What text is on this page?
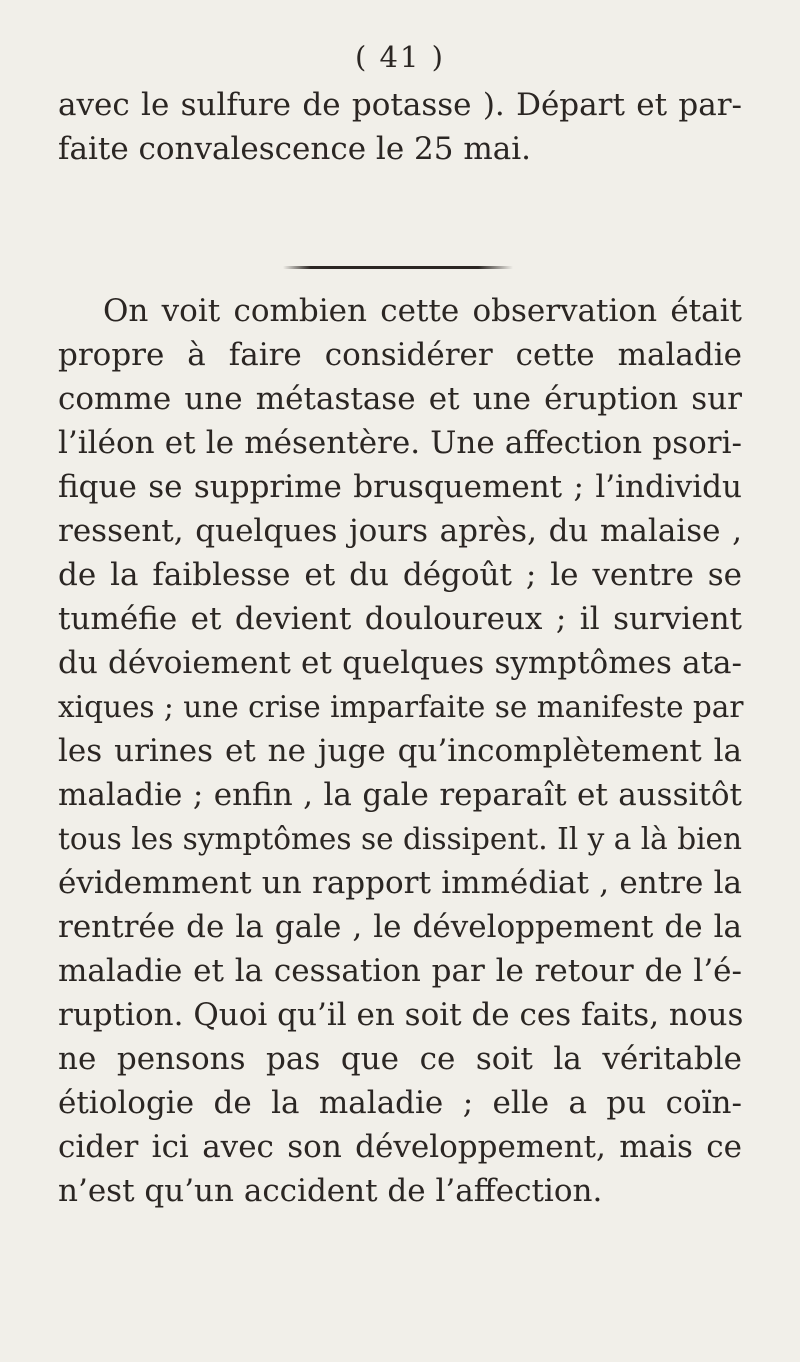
( 41 )
avec le sulfure de potasse ). Départ et par-
faite convalescence le 25 mai.
On voit combien cette observation était
propre à faire considérer cette maladie
comme une métastase et une éruption sur
l’iléon et le mésentère. Une affection psori-
fique se supprime brusquement ; l’individu
ressent, quelques jours après, du malaise ,
de la faiblesse et du dégoût ; le ventre se
tuméfie et devient douloureux ; il survient
du dévoiement et quelques symptômes ata-
xiques ; une crise imparfaite se manifeste par
les urines et ne juge qu’incomplètement la
maladie ; enfin , la gale reparaît et aussitôt
tous les symptômes se dissipent. Il y a là bien
évidemment un rapport immédiat , entre la
rentrée de la gale , le développement de la
maladie et la cessation par le retour de l’é-
ruption. Quoi qu’il en soit de ces faits, nous
ne pensons pas que ce soit la véritable
étiologie de la maladie ; elle a pu coïn-
cider ici avec son développement, mais ce
n’est qu’un accident de l’affection.
